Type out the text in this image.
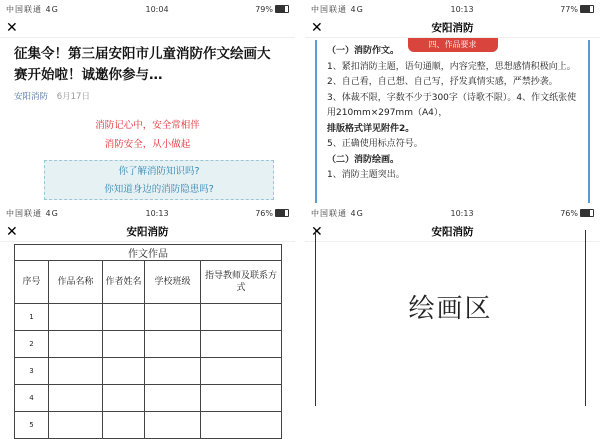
中国联通 4G	10:04	79%
✕
征集令！第三届安阳市儿童消防作文绘画大赛开始啦！诚邀你参与…
安阳消防 6月17日
消防记心中，安全常相伴
消防安全，从小做起
你了解消防知识吗?
你知道身边的消防隐患吗?
中国联通 4G	10:13	77%
✕	安阳消防
四、作品要求
（一）消防作文。
1、紧扣消防主题，语句通顺，内容完整，思想感情积极向上。
2、自己看，自己想、自己写，抒发真情实感，严禁抄袭。
3、体裁不限，字数不少于300字（诗歌不限）。4、作文纸张使用210mm×297mm（A4），
排版格式详见附件2。
5、正确使用标点符号。
（二）消防绘画。
1、消防主题突出。
中国联通 4G	10:13	76%
✕	安阳消防
作文作品				
序号	作品名称	作者姓名	学校班级	指导教师及联系方式
1				
2				
3				
4				
5				
中国联通 4G	10:13	76%
✕	安阳消防
绘画区
